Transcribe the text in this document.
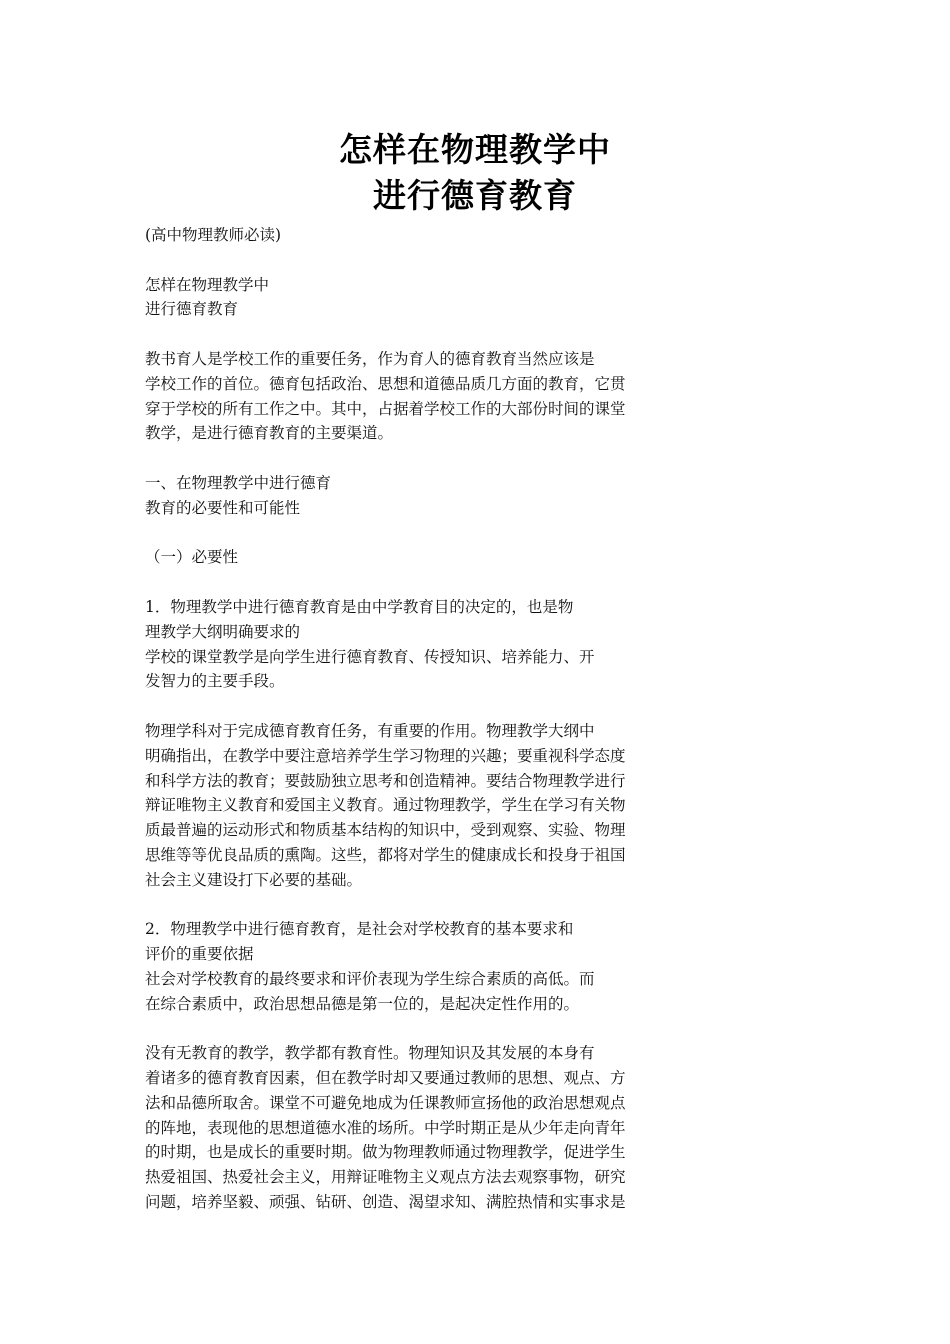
怎样在物理教学中
进行德育教育
(高中物理教师必读)
怎样在物理教学中
进行德育教育
教书育人是学校工作的重要任务，作为育人的德育教育当然应该是
学校工作的首位。德育包括政治、思想和道德品质几方面的教育，它贯
穿于学校的所有工作之中。其中，占据着学校工作的大部份时间的课堂
教学，是进行德育教育的主要渠道。
一、在物理教学中进行德育
教育的必要性和可能性
（一）必要性
1．物理教学中进行德育教育是由中学教育目的决定的，也是物
理教学大纲明确要求的
学校的课堂教学是向学生进行德育教育、传授知识、培养能力、开
发智力的主要手段。
物理学科对于完成德育教育任务，有重要的作用。物理教学大纲中
明确指出，在教学中要注意培养学生学习物理的兴趣；要重视科学态度
和科学方法的教育；要鼓励独立思考和创造精神。要结合物理教学进行
辩证唯物主义教育和爱国主义教育。通过物理教学，学生在学习有关物
质最普遍的运动形式和物质基本结构的知识中，受到观察、实验、物理
思维等等优良品质的熏陶。这些，都将对学生的健康成长和投身于祖国
社会主义建设打下必要的基础。
2．物理教学中进行德育教育，是社会对学校教育的基本要求和
评价的重要依据
社会对学校教育的最终要求和评价表现为学生综合素质的高低。而
在综合素质中，政治思想品德是第一位的，是起决定性作用的。
没有无教育的教学，教学都有教育性。物理知识及其发展的本身有
着诸多的德育教育因素，但在教学时却又要通过教师的思想、观点、方
法和品德所取舍。课堂不可避免地成为任课教师宣扬他的政治思想观点
的阵地，表现他的思想道德水准的场所。中学时期正是从少年走向青年
的时期，也是成长的重要时期。做为物理教师通过物理教学，促进学生
热爱祖国、热爱社会主义，用辩证唯物主义观点方法去观察事物，研究
问题，培养坚毅、顽强、钻研、创造、渴望求知、满腔热情和实事求是
